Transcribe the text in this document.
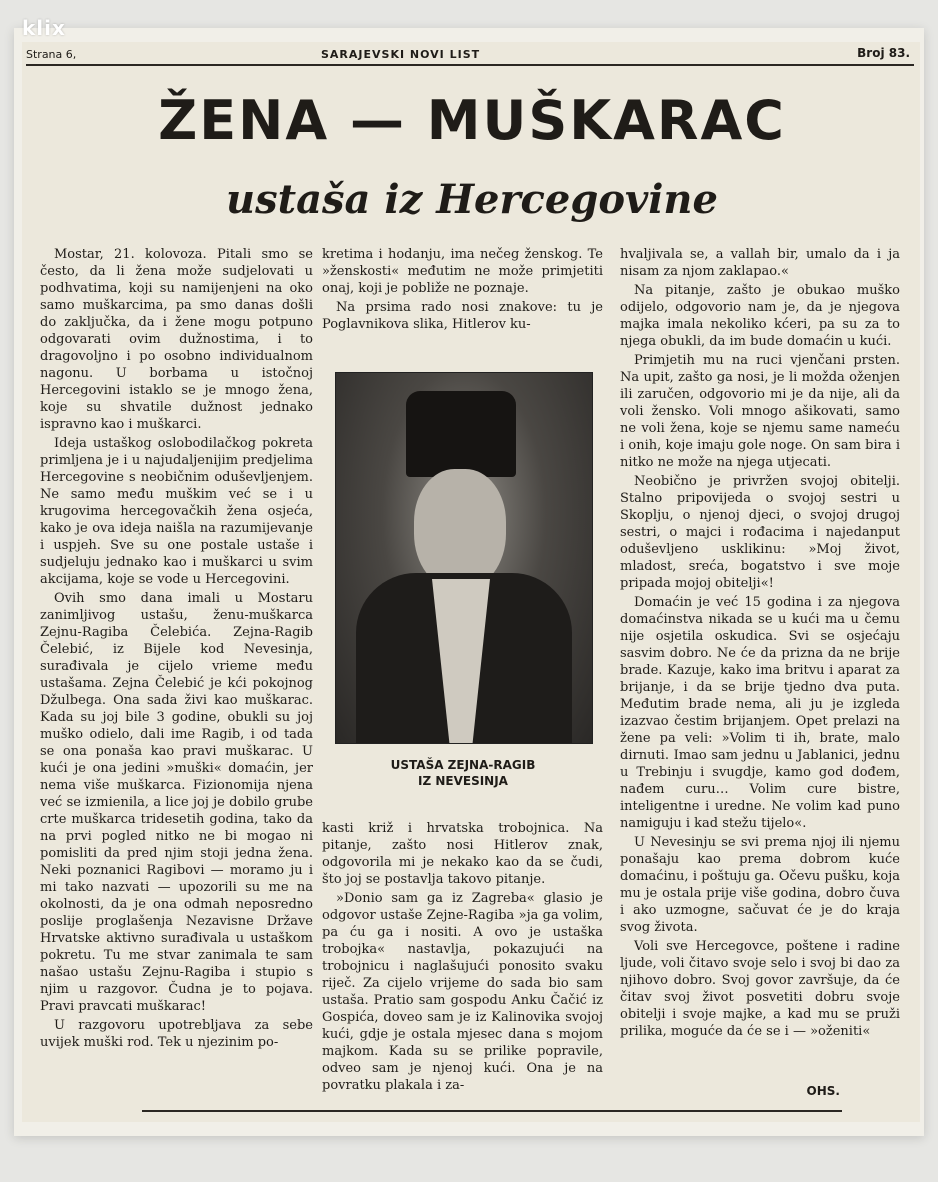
klix
Strana 6,	SARAJEVSKI NOVI LIST	Broj 83.
ŽENA — MUŠKARAC
ustaša iz Hercegovine

Mostar, 21. kolovoza. Pitali smo se često, da li žena može sudjelovati u podhvatima, koji su namijenjeni na oko samo muškarcima, pa smo danas došli do zaključka, da i žene mogu potpuno odgovarati ovim dužnostima, i to dragovoljno i po osobno individualnom nagonu. U borbama u istočnoj Hercegovini istaklo se je mnogo žena, koje su shvatile dužnost jednako ispravno kao i muškarci.

Ideja ustaškog oslobodilačkog pokreta primljena je i u najudaljenijim predjelima Hercegovine s neobičnim oduševljenjem. Ne samo među muškim već se i u krugovima hercegovačkih žena osjeća, kako je ova ideja naišla na razumijevanje i uspjeh. Sve su one postale ustaše i sudjeluju jednako kao i muškarci u svim akcijama, koje se vode u Hercegovini.

Ovih smo dana imali u Mostaru zanimljivog ustašu, ženu-muškarca Zejnu-Ragiba Čelebića. Zejna-Ragib Čelebić, iz Bijele kod Nevesinja, surađivala je cijelo vrieme među ustašama. Zejna Čelebić je kći pokojnog Džulbega. Ona sada živi kao muškarac. Kada su joj bile 3 godine, obukli su joj muško odielo, dali ime Ragib, i od tada se ona ponaša kao pravi muškarac. U kući je ona jedini »muški« domaćin, jer nema više muškarca. Fizionomija njena već se izmienila, a lice joj je dobilo grube crte muškarca tridesetih godina, tako da na prvi pogled nitko ne bi mogao ni pomisliti da pred njim stoji jedna žena. Neki poznanici Ragibovi — moramo ju i mi tako nazvati — upozorili su me na okolnosti, da je ona odmah neposredno poslije proglašenja Nezavisne Države Hrvatske aktivno surađivala u ustaškom pokretu. Tu me stvar zanimala te sam našao ustašu Zejnu-Ragiba i stupio s njim u razgovor. Čudna je to pojava. Pravi pravcati muškarac!

U razgovoru upotrebljava za sebe uvijek muški rod. Tek u njezinim po-

kretima i hodanju, ima nečeg ženskog. Te »ženskosti« međutim ne može primjetiti onaj, koji je pobliže ne poznaje.

Na prsima rado nosi znakove: tu je Poglavnikova slika, Hitlerov ku-

USTAŠA ZEJNA-RAGIB
IZ NEVESINJA

kasti križ i hrvatska trobojnica. Na pitanje, zašto nosi Hitlerov znak, odgovorila mi je nekako kao da se čudi, što joj se postavlja takovo pitanje.

»Donio sam ga iz Zagreba« glasio je odgovor ustaše Zejne-Ragiba »ja ga volim, pa ću ga i nositi. A ovo je ustaška trobojka« nastavlja, pokazujući na trobojnicu i naglašujući ponosito svaku riječ. Za cijelo vrijeme do sada bio sam ustaša. Pratio sam gospodu Anku Čačić iz Gospića, doveo sam je iz Kalinovika svojoj kući, gdje je ostala mjesec dana s mojom majkom. Kada su se prilike popravile, odveo sam je njenoj kući. Ona je na povratku plakala i za-

hvaljivala se, a vallah bir, umalo da i ja nisam za njom zaklapao.«

Na pitanje, zašto je obukao muško odijelo, odgovorio nam je, da je njegova majka imala nekoliko kćeri, pa su za to njega obukli, da im bude domaćin u kući.

Primjetih mu na ruci vjenčani prsten. Na upit, zašto ga nosi, je li možda oženjen ili zaručen, odgovorio mi je da nije, ali da voli žensko. Voli mnogo ašikovati, samo ne voli žena, koje se njemu same nameću i onih, koje imaju gole noge. On sam bira i nitko ne može na njega utjecati.

Neobično je privržen svojoj obitelji. Stalno pripovijeda o svojoj sestri u Skoplju, o njenoj djeci, o svojoj drugoj sestri, o majci i rođacima i najedanput oduševljeno usklikinu: »Moj život, mladost, sreća, bogatstvo i sve moje pripada mojoj obitelji«!

Domaćin je već 15 godina i za njegova domaćinstva nikada se u kući ma u čemu nije osjetila oskudica. Svi se osjećaju sasvim dobro. Ne će da prizna da ne brije brade. Kazuje, kako ima britvu i aparat za brijanje, i da se brije tjedno dva puta. Međutim brade nema, ali ju je izgleda izazvao čestim brijanjem. Opet prelazi na žene pa veli: »Volim ti ih, brate, malo dirnuti. Imao sam jednu u Jablanici, jednu u Trebinju i svugdje, kamo god dođem, nađem curu… Volim cure bistre, inteligentne i uredne. Ne volim kad puno namiguju i kad stežu tijelo«.

U Nevesinju se svi prema njoj ili njemu ponašaju kao prema dobrom kuće domaćinu, i poštuju ga. Očevu pušku, koja mu je ostala prije više godina, dobro čuva i ako uzmogne, sačuvat će je do kraja svog života.

Voli sve Hercegovce, poštene i radine ljude, voli čitavo svoje selo i svoj bi dao za njihovo dobro. Svoj govor završuje, da će čitav svoj život posvetiti dobru svoje obitelji i svoje majke, a kad mu se pruži prilika, moguće da će se i — »oženiti«

OHS.
